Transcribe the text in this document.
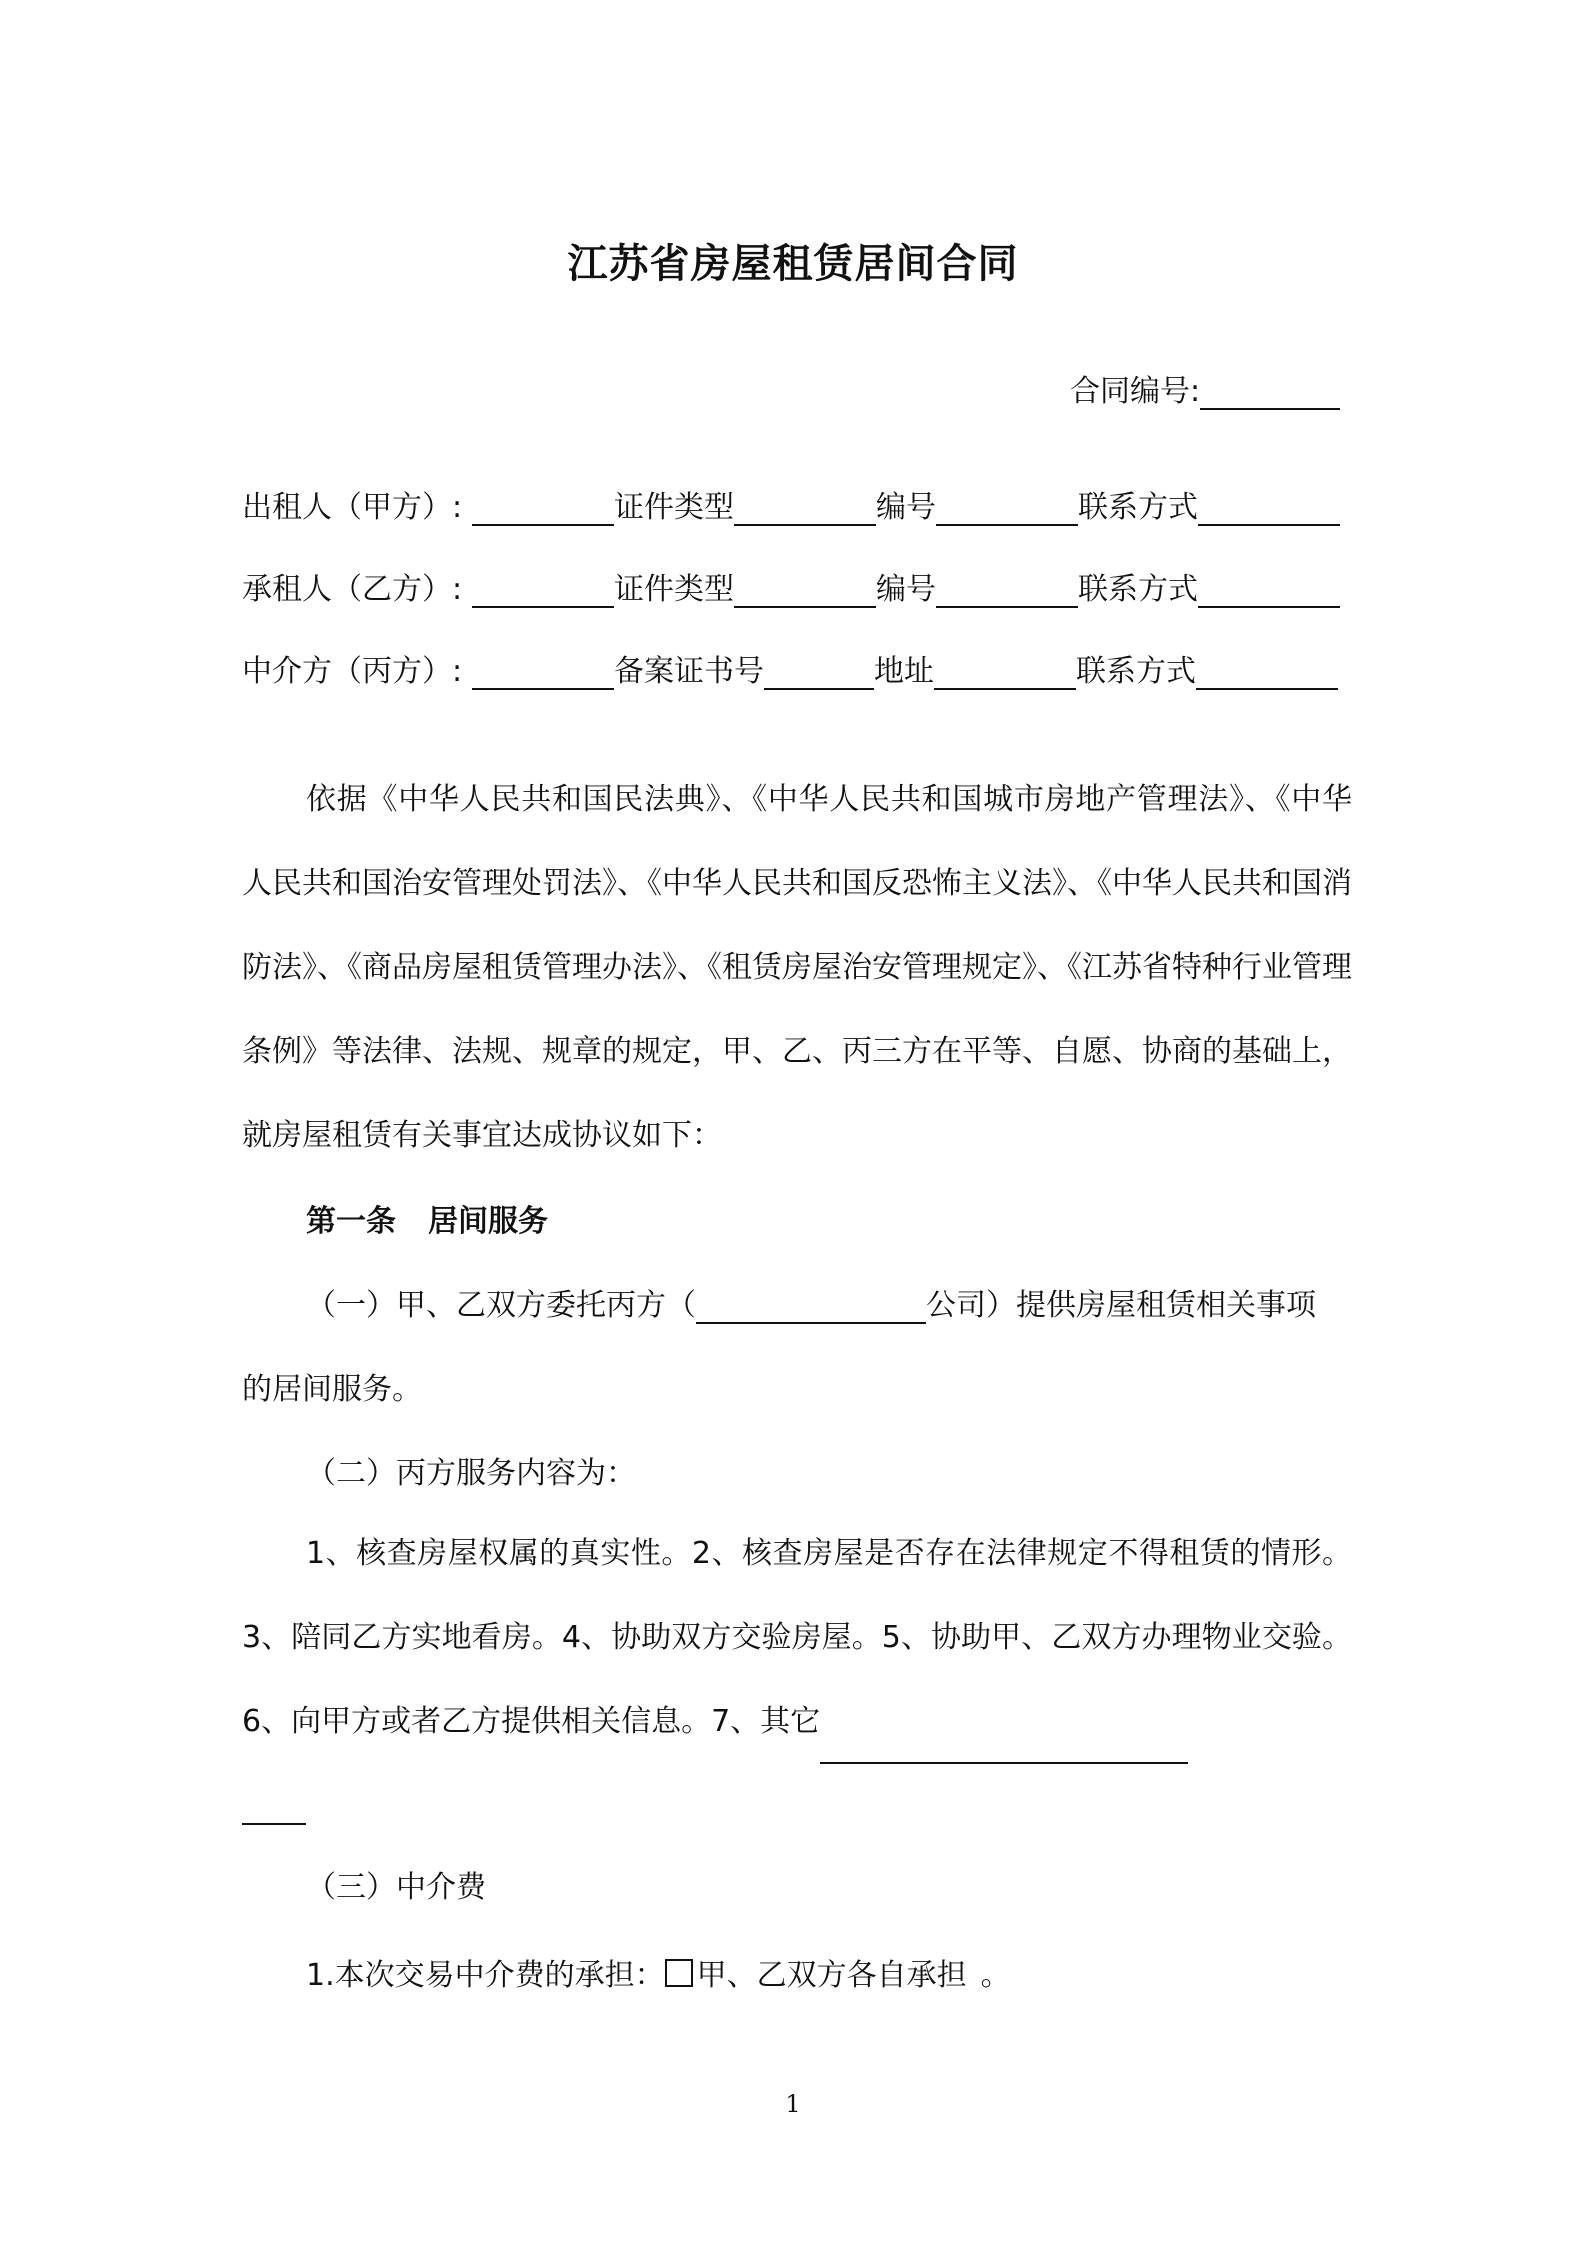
江苏省房屋租赁居间合同
合同编号:
出租人（甲方）:	证件类型	编号	联系方式
承租人（乙方）:	证件类型	编号	联系方式
中介方（丙方）:	备案证书号	地址	联系方式
依据《中华人民共和国民法典》、《中华人民共和国城市房地产管理法》、《中华人民共和国治安管理处罚法》、《中华人民共和国反恐怖主义法》、《中华人民共和国消防法》、《商品房屋租赁管理办法》、《租赁房屋治安管理规定》、《江苏省特种行业管理条例》等法律、法规、规章的规定，甲、乙、丙三方在平等、自愿、协商的基础上，就房屋租赁有关事宜达成协议如下：
第一条 居间服务
（一）甲、乙双方委托丙方（	公司）提供房屋租赁相关事项
的居间服务。
（二）丙方服务内容为：
1、核查房屋权属的真实性。2、核查房屋是否存在法律规定不得租赁的情形。3、陪同乙方实地看房。4、协助双方交验房屋。5、协助甲、乙双方办理物业交验。6、向甲方或者乙方提供相关信息。7、其它
（三）中介费
1.本次交易中介费的承担： 甲、乙双方各自承担 。
1
